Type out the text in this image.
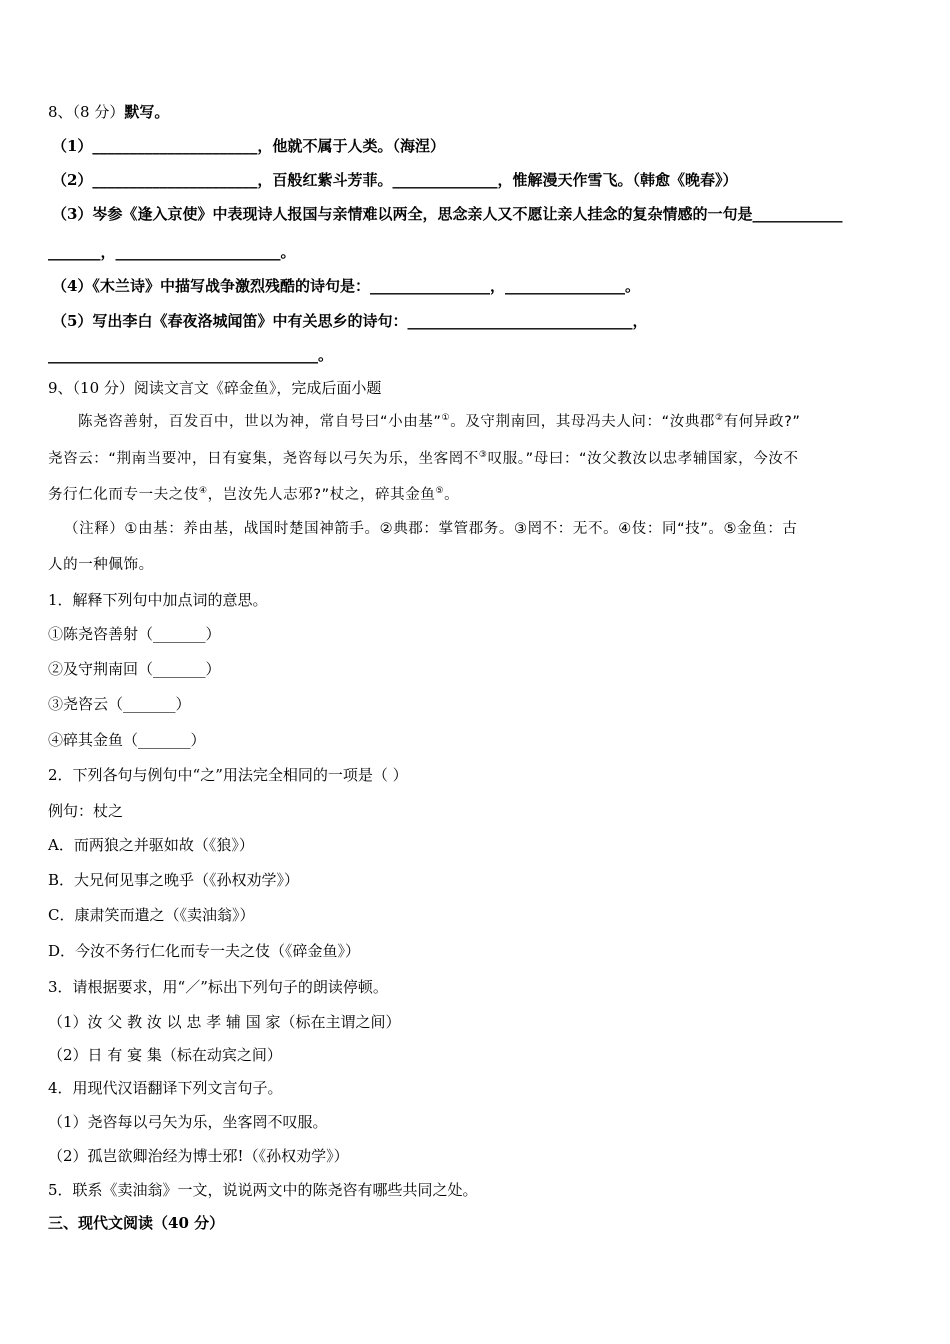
8、（8 分）默写。
（1）______________________，他就不属于人类。（海涅）
（2）______________________，百般红紫斗芳菲。______________，惟解漫天作雪飞。（韩愈《晚春》）
（3）岑参《逢入京使》中表现诗人报国与亲情难以两全，思念亲人又不愿让亲人挂念的复杂情感的一句是____________
_______，______________________。
（4）《木兰诗》中描写战争激烈残酷的诗句是：________________，________________。
（5）写出李白《春夜洛城闻笛》中有关思乡的诗句：______________________________，
____________________________________。
9、（10 分）阅读文言文《碎金鱼》，完成后面小题
陈尧咨善射，百发百中，世以为神，常自号曰“小由基”①。及守荆南回，其母冯夫人问：“汝典郡②有何异政?”
尧咨云：“荆南当要冲，日有宴集，尧咨每以弓矢为乐，坐客罔不③叹服。”母曰：“汝父教汝以忠孝辅国家，今汝不
务行仁化而专一夫之伎④，岂汝先人志邪?”杖之，碎其金鱼⑤。
（注释）①由基：养由基，战国时楚国神箭手。②典郡：掌管郡务。③罔不：无不。④伎：同“技”。⑤金鱼：古
人的一种佩饰。
1．解释下列句中加点词的意思。
①陈尧咨善射（_______）
②及守荆南回（_______）
③尧咨云（_______）
④碎其金鱼（_______）
2．下列各句与例句中“之”用法完全相同的一项是（ ）
例句：杖之
A．而两狼之并驱如故（《狼》）
B．大兄何见事之晚乎（《孙权劝学》）
C．康肃笑而遣之（《卖油翁》）
D．今汝不务行仁化而专一夫之伎（《碎金鱼》）
3．请根据要求，用“／”标出下列句子的朗读停顿。
（1）汝 父 教 汝 以 忠 孝 辅 国 家（标在主谓之间）
（2）日 有 宴 集（标在动宾之间）
4．用现代汉语翻译下列文言句子。
（1）尧咨每以弓矢为乐，坐客罔不叹服。
（2）孤岂欲卿治经为博士邪!（《孙权劝学》）
5．联系《卖油翁》一文，说说两文中的陈尧咨有哪些共同之处。
三、现代文阅读（40 分）
